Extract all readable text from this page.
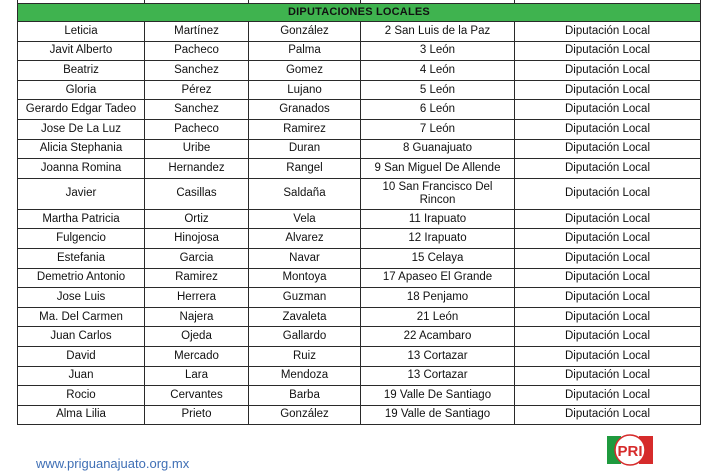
DIPUTACIONES LOCALES				
Leticia	Martínez	González	2 San Luis de la Paz	Diputación Local
Javit Alberto	Pacheco	Palma	3 León	Diputación Local
Beatriz	Sanchez	Gomez	4 León	Diputación Local
Gloria	Pérez	Lujano	5 León	Diputación Local
Gerardo Edgar Tadeo	Sanchez	Granados	6 León	Diputación Local
Jose De La Luz	Pacheco	Ramirez	7 León	Diputación Local
Alicia Stephania	Uribe	Duran	8 Guanajuato	Diputación Local
Joanna Romina	Hernandez	Rangel	9 San Miguel De Allende	Diputación Local
Javier	Casillas	Saldaña	10 San Francisco Del Rincon	Diputación Local
Martha Patricia	Ortiz	Vela	11 Irapuato	Diputación Local
Fulgencio	Hinojosa	Alvarez	12 Irapuato	Diputación Local
Estefania	Garcia	Navar	15 Celaya	Diputación Local
Demetrio Antonio	Ramirez	Montoya	17 Apaseo El Grande	Diputación Local
Jose Luis	Herrera	Guzman	18 Penjamo	Diputación Local
Ma. Del Carmen	Najera	Zavaleta	21 León	Diputación Local
Juan Carlos	Ojeda	Gallardo	22 Acambaro	Diputación Local
David	Mercado	Ruiz	13 Cortazar	Diputación Local
Juan	Lara	Mendoza	13 Cortazar	Diputación Local
Rocio	Cervantes	Barba	19 Valle De Santiago	Diputación Local
Alma Lilia	Prieto	González	19 Valle de Santiago	Diputación Local
www.priguanajuato.org.mx
PRI
